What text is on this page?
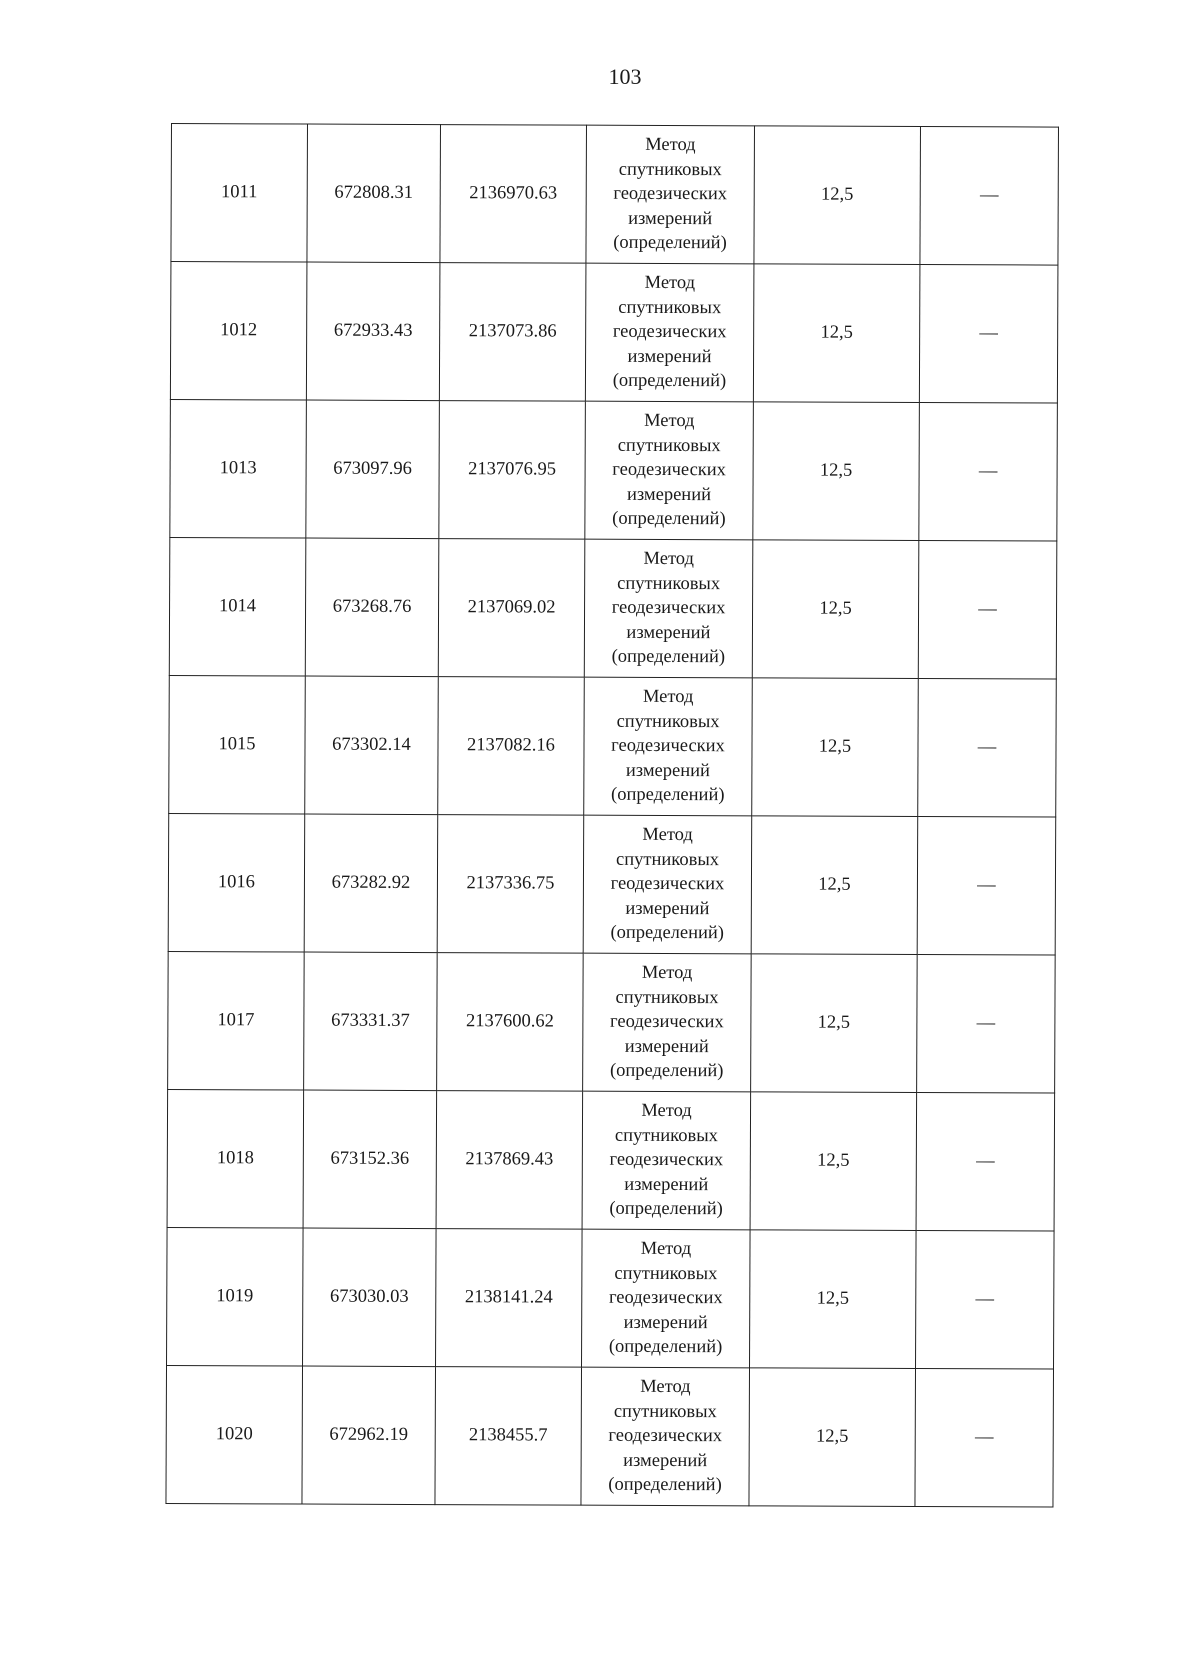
103
1011	672808.31	2136970.63	Метод
спутниковых
геодезических
измерений
(определений)	12,5	—
1012	672933.43	2137073.86	Метод
спутниковых
геодезических
измерений
(определений)	12,5	—
1013	673097.96	2137076.95	Метод
спутниковых
геодезических
измерений
(определений)	12,5	—
1014	673268.76	2137069.02	Метод
спутниковых
геодезических
измерений
(определений)	12,5	—
1015	673302.14	2137082.16	Метод
спутниковых
геодезических
измерений
(определений)	12,5	—
1016	673282.92	2137336.75	Метод
спутниковых
геодезических
измерений
(определений)	12,5	—
1017	673331.37	2137600.62	Метод
спутниковых
геодезических
измерений
(определений)	12,5	—
1018	673152.36	2137869.43	Метод
спутниковых
геодезических
измерений
(определений)	12,5	—
1019	673030.03	2138141.24	Метод
спутниковых
геодезических
измерений
(определений)	12,5	—
1020	672962.19	2138455.7	Метод
спутниковых
геодезических
измерений
(определений)	12,5	—
